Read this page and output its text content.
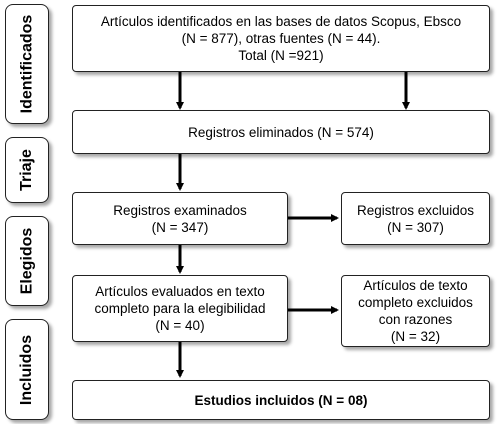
Identificados
Triaje
Elegidos
Incluidos
Artículos identificados en las bases de datos Scopus, Ebsco
(N = 877), otras fuentes (N = 44).
Total (N =921)
Registros eliminados (N = 574)
Registros examinados
(N = 347)
Registros excluidos
(N = 307)
Artículos evaluados en texto
completo para la elegibilidad
(N = 40)
Artículos de texto
completo excluidos
con razones
(N = 32)
Estudios incluidos (N = 08)
